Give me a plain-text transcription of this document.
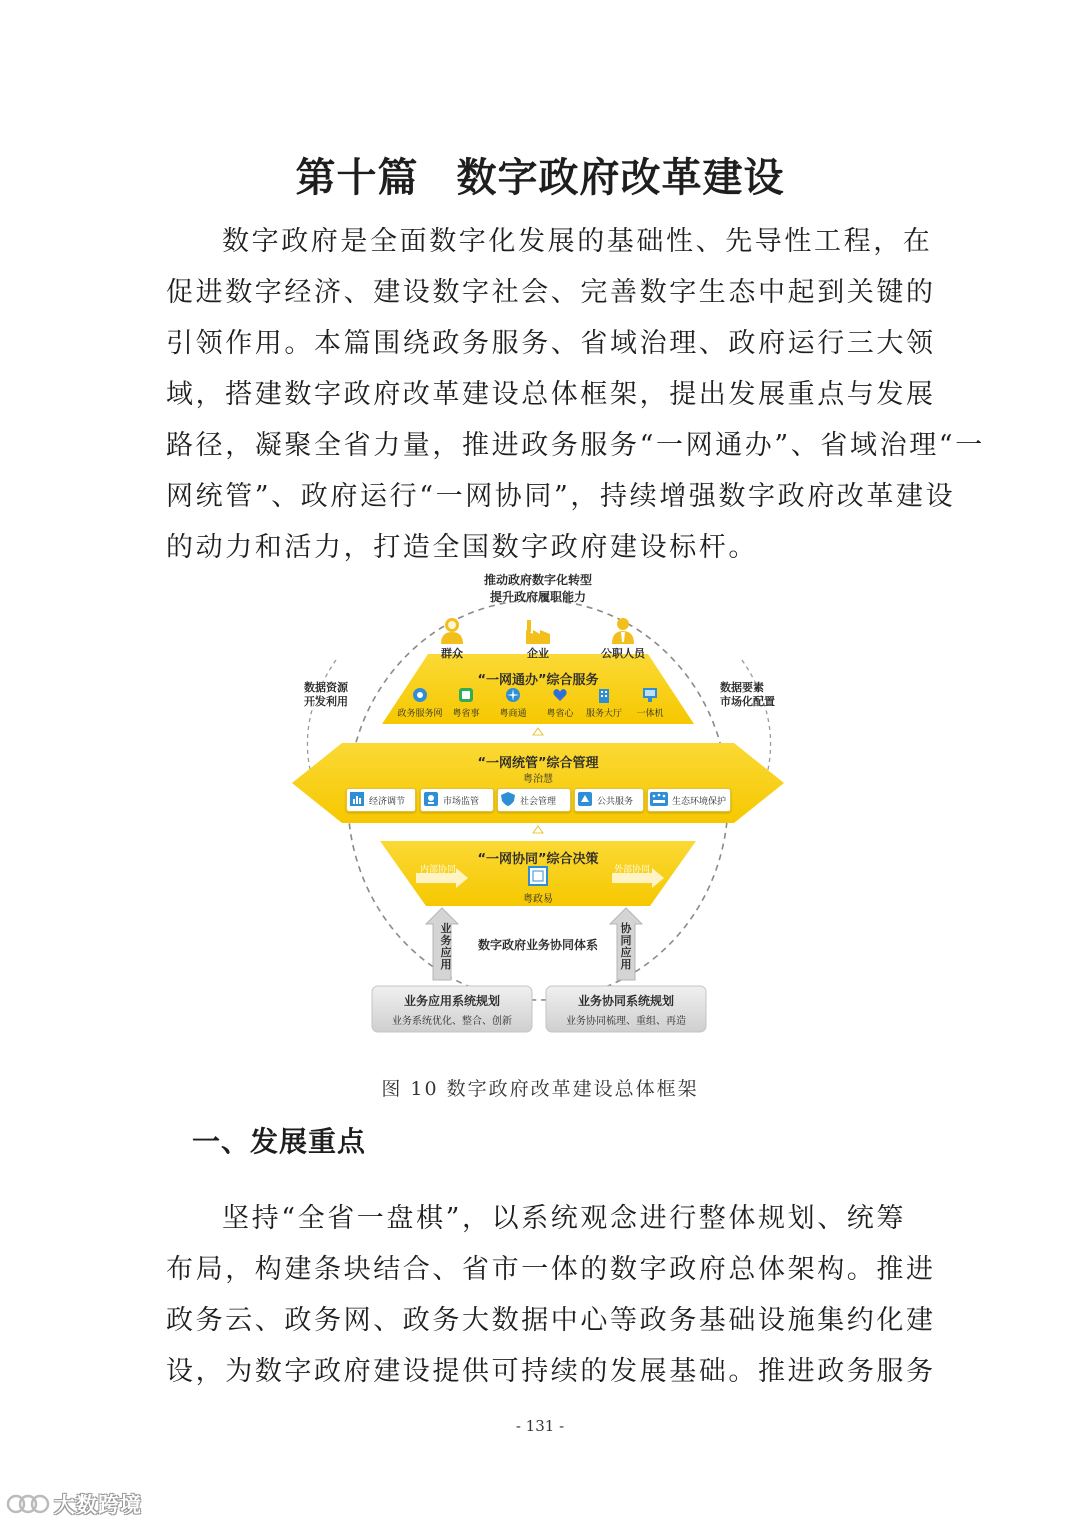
第十篇 数字政府改革建设

数字政府是全面数字化发展的基础性、先导性工程，在
促进数字经济、建设数字社会、完善数字生态中起到关键的
引领作用。本篇围绕政务服务、省域治理、政府运行三大领
域，搭建数字政府改革建设总体框架，提出发展重点与发展
路径，凝聚全省力量，推进政务服务“一网通办”、省域治理“一
网统管”、政府运行“一网协同”，持续增强数字政府改革建设
的动力和活力，打造全国数字政府建设标杆。

推动政府数字化转型
提升政府履职能力
数据资源
开发利用
数据要素
市场化配置
群众	企业	公职人员
“一网通办”综合服务
政务服务网 粤省事 粤商通 粤省心 服务大厅 一体机
“一网统管”综合管理
粤治慧
经济调节	市场监管	社会管理	公共服务	生态环境保护
“一网协同”综合决策
内部协同	外部协同
粤政易
业务应用
协同应用
数字政府业务协同体系
业务应用系统规划
业务系统优化、整合、创新
业务协同系统规划
业务协同梳理、重组、再造
图 10 数字政府改革建设总体框架
一、发展重点

坚持“全省一盘棋”，以系统观念进行整体规划、统筹
布局，构建条块结合、省市一体的数字政府总体架构。推进
政务云、政务网、政务大数据中心等政务基础设施集约化建
设，为数字政府建设提供可持续的发展基础。推进政务服务

- 131 -
大数跨境
